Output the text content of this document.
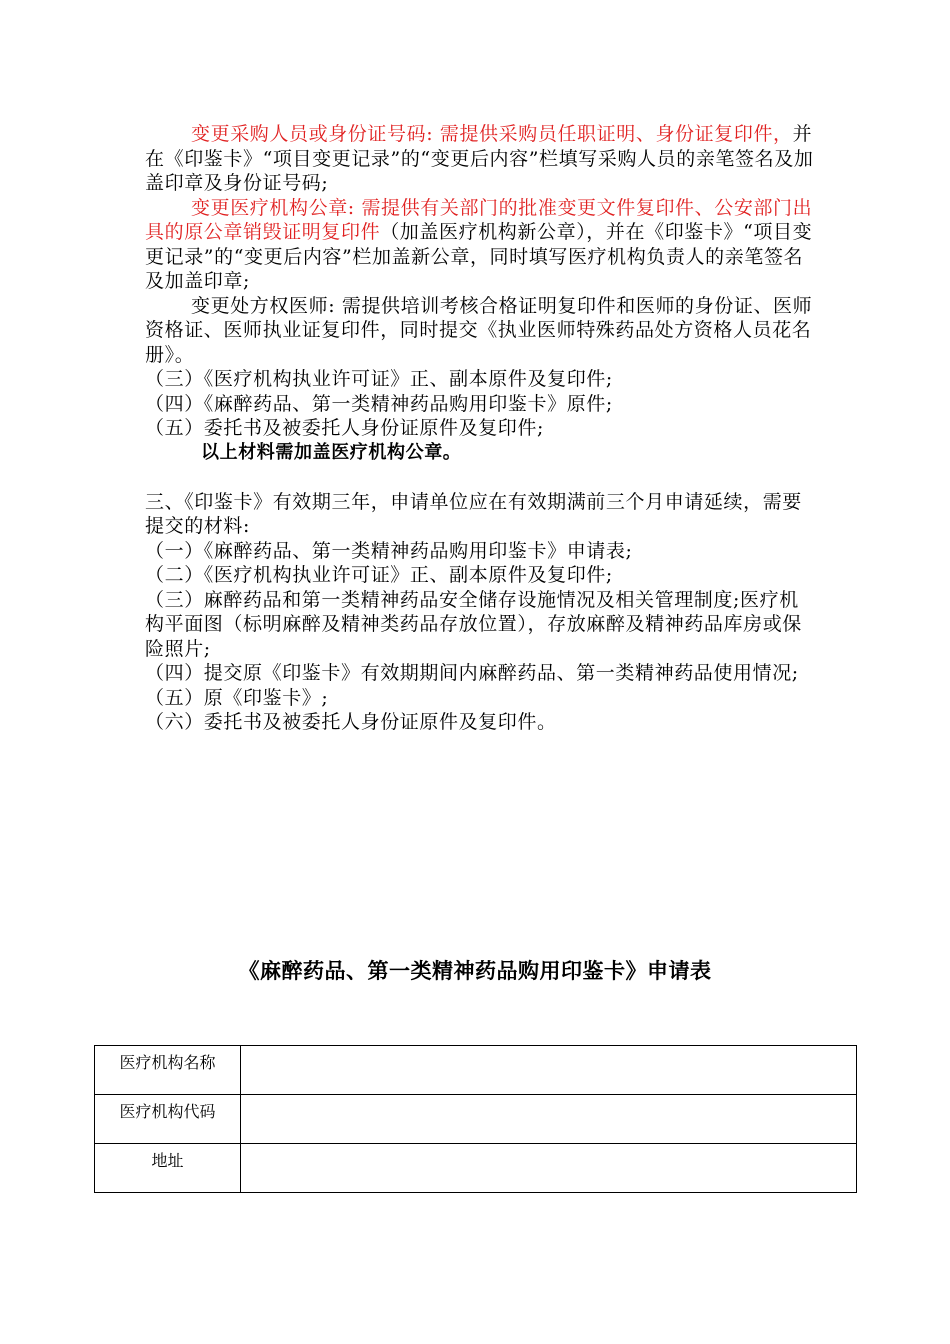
变更采购人员或身份证号码: 需提供采购员任职证明、身份证复印件，并在《印鉴卡》“项目变更记录”的“变更后内容”栏填写采购人员的亲笔签名及加盖印章及身份证号码;

变更医疗机构公章: 需提供有关部门的批准变更文件复印件、公安部门出具的原公章销毁证明复印件（加盖医疗机构新公章），并在《印鉴卡》“项目变更记录”的“变更后内容”栏加盖新公章，同时填写医疗机构负责人的亲笔签名及加盖印章;

变更处方权医师: 需提供培训考核合格证明复印件和医师的身份证、医师资格证、医师执业证复印件，同时提交《执业医师特殊药品处方资格人员花名册》。

（三）《医疗机构执业许可证》正、副本原件及复印件;

（四）《麻醉药品、第一类精神药品购用印鉴卡》原件;

（五）委托书及被委托人身份证原件及复印件;

以上材料需加盖医疗机构公章。

三、《印鉴卡》有效期三年，申请单位应在有效期满前三个月申请延续，需要提交的材料:

（一）《麻醉药品、第一类精神药品购用印鉴卡》申请表;

（二）《医疗机构执业许可证》正、副本原件及复印件;

（三）麻醉药品和第一类精神药品安全储存设施情况及相关管理制度;医疗机构平面图（标明麻醉及精神类药品存放位置），存放麻醉及精神药品库房或保险照片;

（四）提交原《印鉴卡》有效期期间内麻醉药品、第一类精神药品使用情况;

（五）原《印鉴卡》;

（六）委托书及被委托人身份证原件及复印件。

《麻醉药品、第一类精神药品购用印鉴卡》申请表
医疗机构名称	
医疗机构代码	
地址	
